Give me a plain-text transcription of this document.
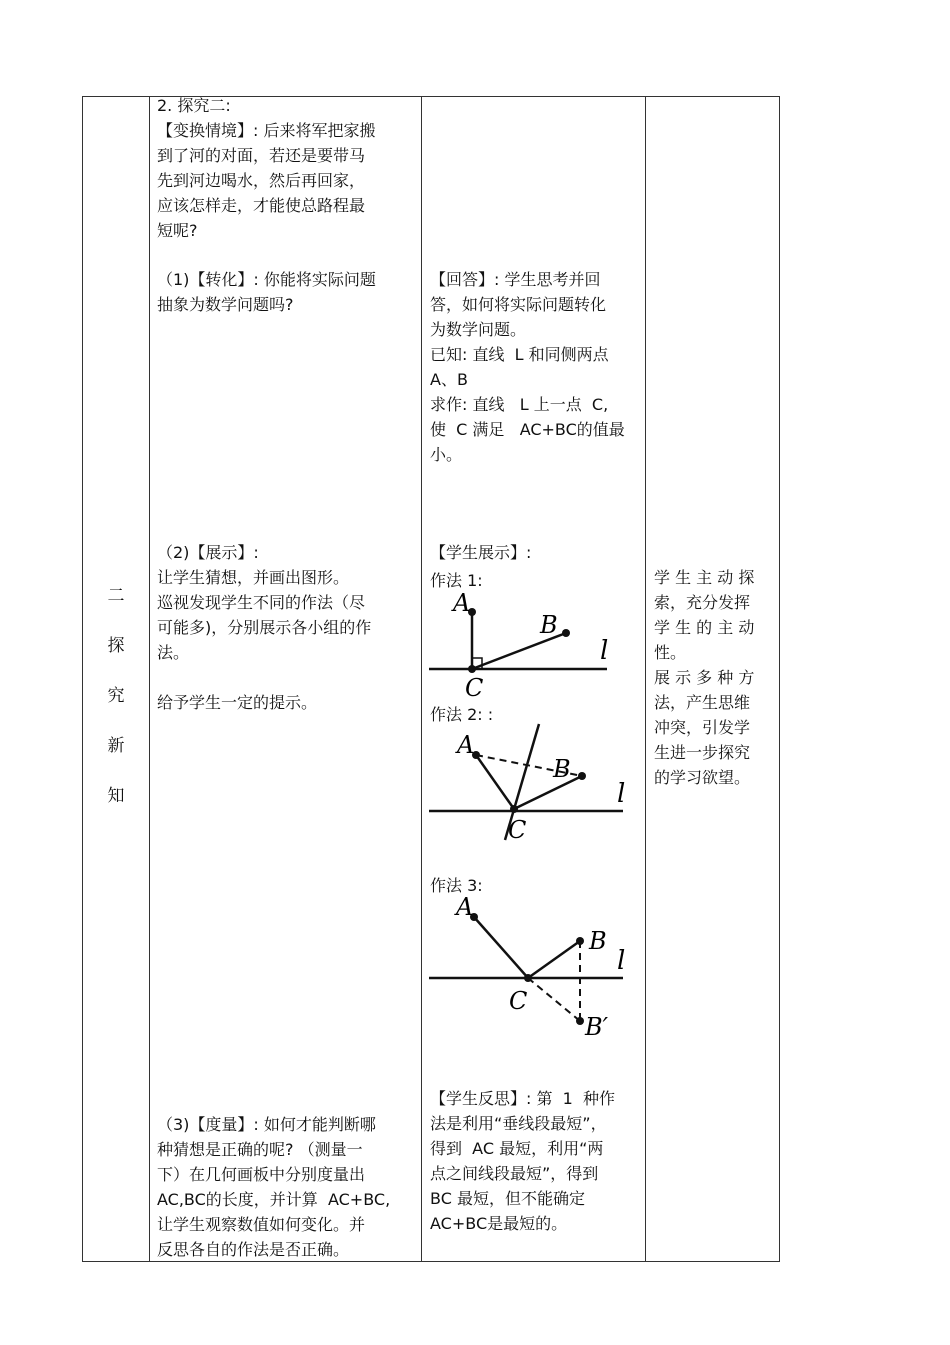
二
探
究
新
知
2. 探究二:
【变换情境】: 后来将军把家搬
到了河的对面，若还是要带马
先到河边喝水，然后再回家，
应该怎样走，才能使总路程最
短呢?
（1)【转化】: 你能将实际问题
抽象为数学问题吗?
（2)【展示】:
让学生猜想，并画出图形。
巡视发现学生不同的作法（尽
可能多)，分别展示各小组的作
法。
给予学生一定的提示。
（3)【度量】: 如何才能判断哪
种猜想是正确的呢? （测量一
下）在几何画板中分别度量出
AC,BC的长度，并计算  AC+BC,
让学生观察数值如何变化。并
反思各自的作法是否正确。
【回答】: 学生思考并回
答，如何将实际问题转化
为数学问题。
已知: 直线  L 和同侧两点
A、B
求作: 直线   L 上一点  C,
使  C 满足   AC+BC的值最
小。
【学生展示】:
作法 1:
作法 2: :
作法 3:
A
B
C
l
A
B
C
l
A
B
C
B′
l
【学生反思】: 第  1  种作
法是利用“垂线段最短”，
得到  AC 最短，利用“两
点之间线段最短”，得到
BC 最短，但不能确定
AC+BC是最短的。
学 生 主 动 探
索，充分发挥
学 生 的 主 动
性。
展 示 多 种 方
法，产生思维
冲突，引发学
生进一步探究
的学习欲望。
